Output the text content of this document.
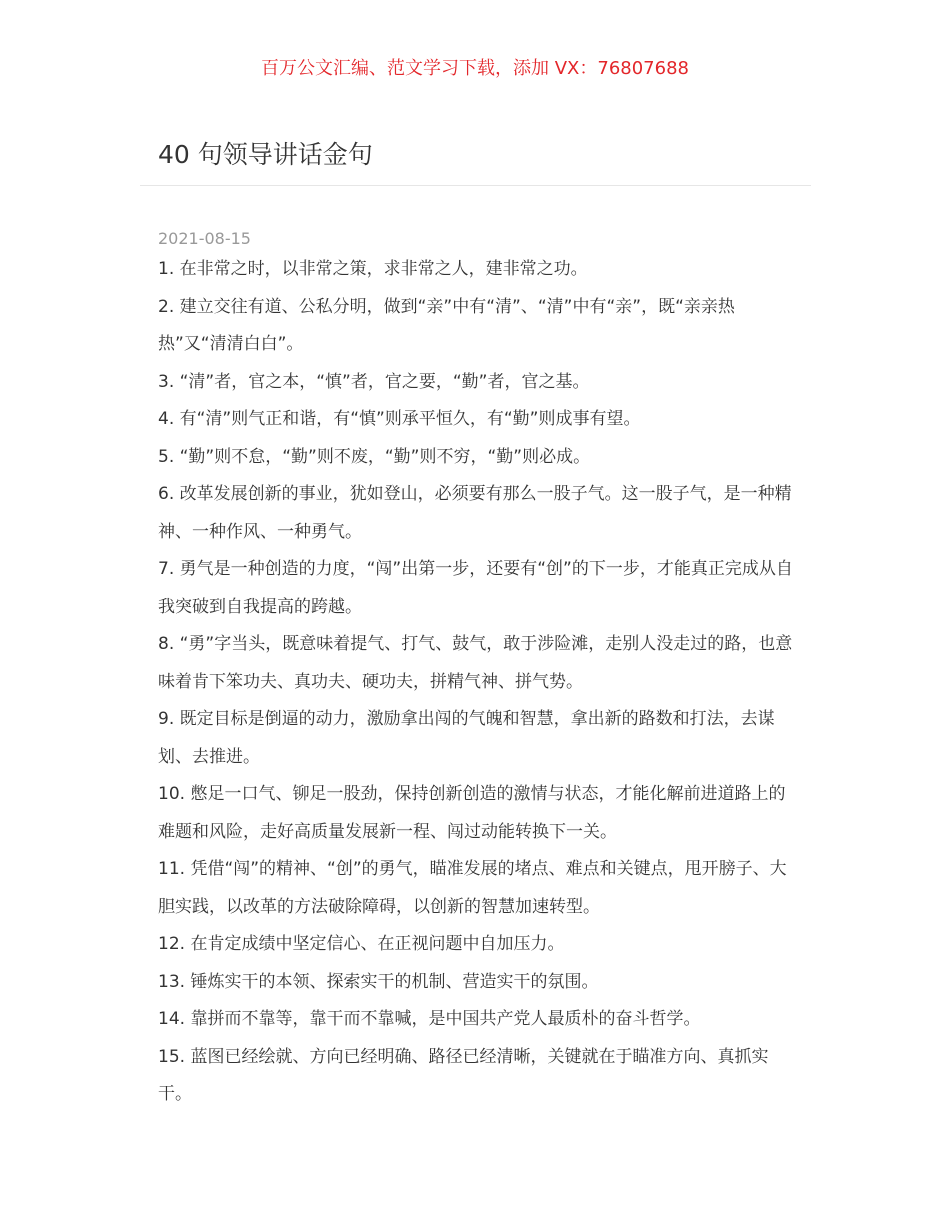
百万公文汇编、范文学习下载，添加 VX：76807688
40 句领导讲话金句
2021-08-15
1. 在非常之时，以非常之策，求非常之人，建非常之功。
2. 建立交往有道、公私分明，做到“亲”中有“清”、“清”中有“亲”，既“亲亲热热”又“清清白白”。
3. “清”者，官之本，“慎”者，官之要，“勤”者，官之基。
4. 有“清”则气正和谐，有“慎”则承平恒久，有“勤”则成事有望。
5. “勤”则不怠，“勤”则不废，“勤”则不穷，“勤”则必成。
6. 改革发展创新的事业，犹如登山，必须要有那么一股子气。这一股子气，是一种精神、一种作风、一种勇气。
7. 勇气是一种创造的力度，“闯”出第一步，还要有“创”的下一步，才能真正完成从自我突破到自我提高的跨越。
8. “勇”字当头，既意味着提气、打气、鼓气，敢于涉险滩，走别人没走过的路，也意味着肯下笨功夫、真功夫、硬功夫，拼精气神、拼气势。
9. 既定目标是倒逼的动力，激励拿出闯的气魄和智慧，拿出新的路数和打法，去谋划、去推进。
10. 憋足一口气、铆足一股劲，保持创新创造的激情与状态，才能化解前进道路上的难题和风险，走好高质量发展新一程、闯过动能转换下一关。
11. 凭借“闯”的精神、“创”的勇气，瞄准发展的堵点、难点和关键点，甩开膀子、大胆实践，以改革的方法破除障碍，以创新的智慧加速转型。
12. 在肯定成绩中坚定信心、在正视问题中自加压力。
13. 锤炼实干的本领、探索实干的机制、营造实干的氛围。
14. 靠拼而不靠等，靠干而不靠喊，是中国共产党人最质朴的奋斗哲学。
15. 蓝图已经绘就、方向已经明确、路径已经清晰，关键就在于瞄准方向、真抓实干。
